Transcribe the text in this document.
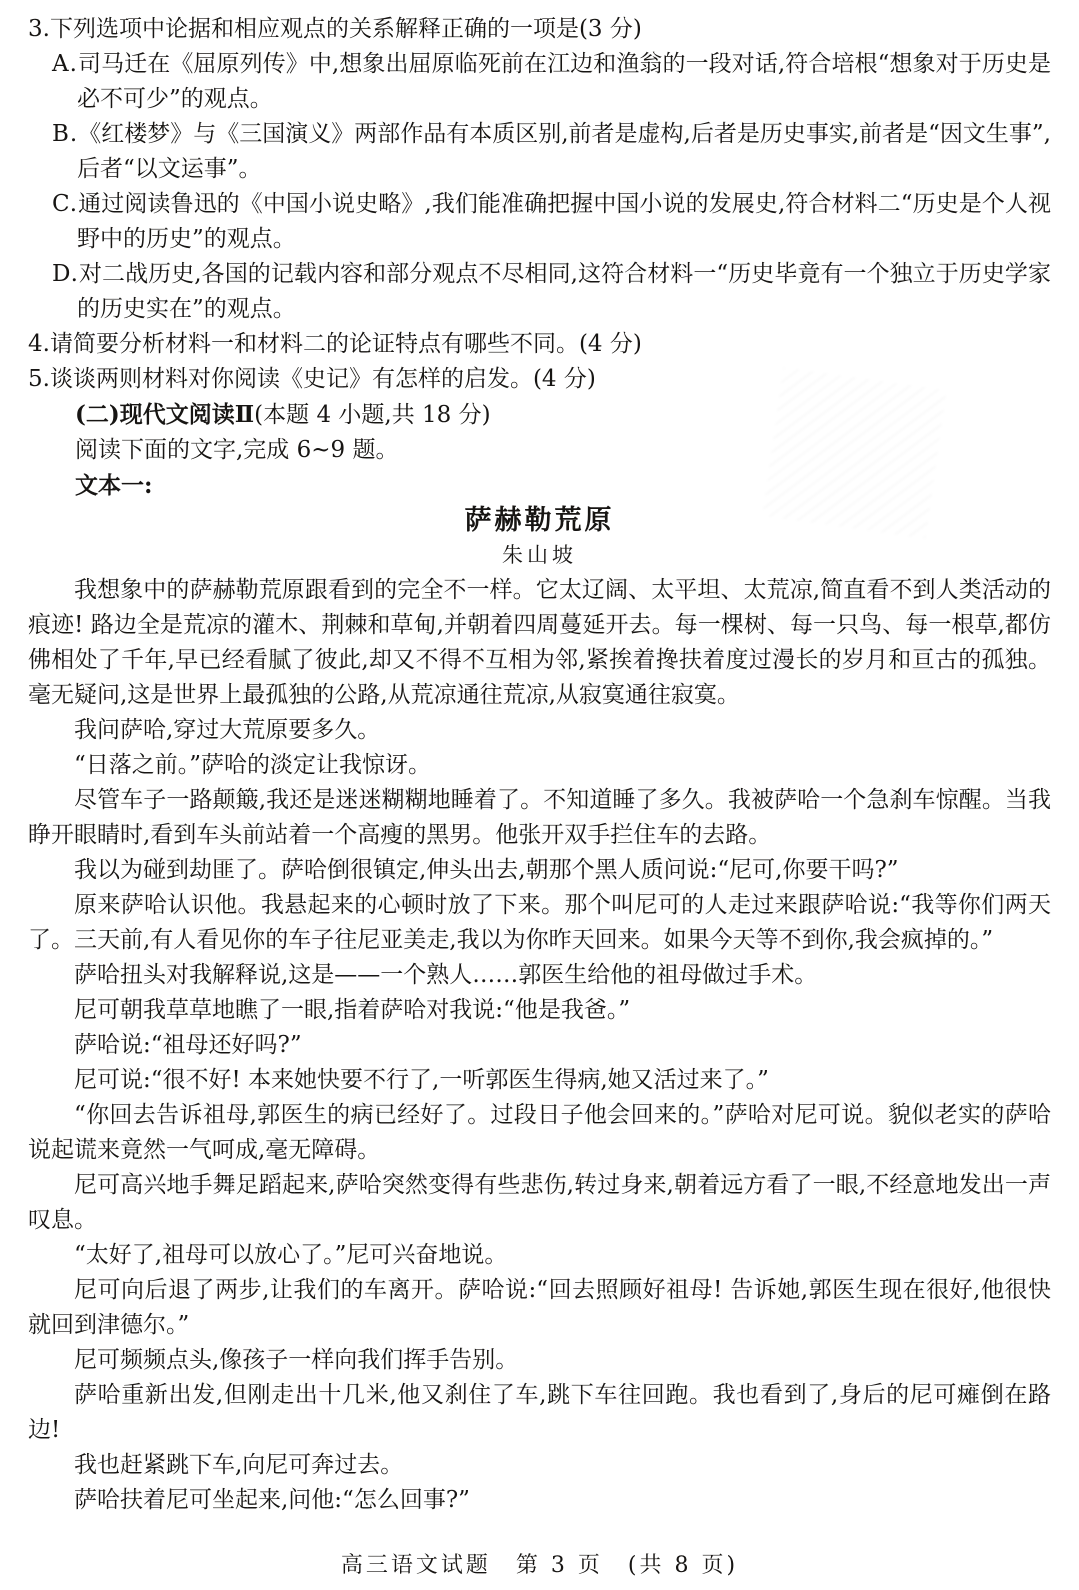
3.下列选项中论据和相应观点的关系解释正确的一项是(3 分)

A.司马迁在《屈原列传》中,想象出屈原临死前在江边和渔翁的一段对话,符合培根“想象对于历史是必不可少”的观点。

B.《红楼梦》与《三国演义》两部作品有本质区别,前者是虚构,后者是历史事实,前者是“因文生事”,后者“以文运事”。

C.通过阅读鲁迅的《中国小说史略》,我们能准确把握中国小说的发展史,符合材料二“历史是个人视野中的历史”的观点。

D.对二战历史,各国的记载内容和部分观点不尽相同,这符合材料一“历史毕竟有一个独立于历史学家的历史实在”的观点。

4.请简要分析材料一和材料二的论证特点有哪些不同。(4 分)

5.谈谈两则材料对你阅读《史记》有怎样的启发。(4 分)

(二)现代文阅读Ⅱ(本题 4 小题,共 18 分)

阅读下面的文字,完成 6~9 题。

文本一:

萨赫勒荒原

朱山坡

我想象中的萨赫勒荒原跟看到的完全不一样。它太辽阔、太平坦、太荒凉,简直看不到人类活动的痕迹! 路边全是荒凉的灌木、荆棘和草甸,并朝着四周蔓延开去。每一棵树、每一只鸟、每一根草,都仿佛相处了千年,早已经看腻了彼此,却又不得不互相为邻,紧挨着搀扶着度过漫长的岁月和亘古的孤独。毫无疑问,这是世界上最孤独的公路,从荒凉通往荒凉,从寂寞通往寂寞。

我问萨哈,穿过大荒原要多久。

“日落之前。”萨哈的淡定让我惊讶。

尽管车子一路颠簸,我还是迷迷糊糊地睡着了。不知道睡了多久。我被萨哈一个急刹车惊醒。当我睁开眼睛时,看到车头前站着一个高瘦的黑男。他张开双手拦住车的去路。

我以为碰到劫匪了。萨哈倒很镇定,伸头出去,朝那个黑人质问说:“尼可,你要干吗?”

原来萨哈认识他。我悬起来的心顿时放了下来。那个叫尼可的人走过来跟萨哈说:“我等你们两天了。三天前,有人看见你的车子往尼亚美走,我以为你昨天回来。如果今天等不到你,我会疯掉的。”

萨哈扭头对我解释说,这是——一个熟人……郭医生给他的祖母做过手术。

尼可朝我草草地瞧了一眼,指着萨哈对我说:“他是我爸。”

萨哈说:“祖母还好吗?”

尼可说:“很不好! 本来她快要不行了,一听郭医生得病,她又活过来了。”

“你回去告诉祖母,郭医生的病已经好了。过段日子他会回来的。”萨哈对尼可说。貌似老实的萨哈说起谎来竟然一气呵成,毫无障碍。

尼可高兴地手舞足蹈起来,萨哈突然变得有些悲伤,转过身来,朝着远方看了一眼,不经意地发出一声叹息。

“太好了,祖母可以放心了。”尼可兴奋地说。

尼可向后退了两步,让我们的车离开。萨哈说:“回去照顾好祖母! 告诉她,郭医生现在很好,他很快就回到津德尔。”

尼可频频点头,像孩子一样向我们挥手告别。

萨哈重新出发,但刚走出十几米,他又刹住了车,跳下车往回跑。我也看到了,身后的尼可瘫倒在路边!

我也赶紧跳下车,向尼可奔过去。

萨哈扶着尼可坐起来,问他:“怎么回事?”

高三语文试题　第 3 页　(共 8 页)
